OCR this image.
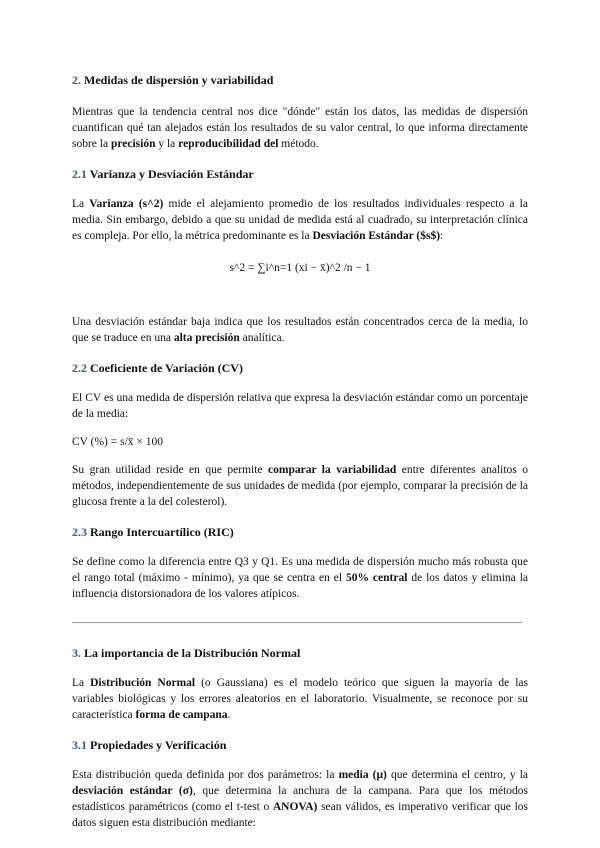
2. Medidas de dispersión y variabilidad

Mientras que la tendencia central nos dice "dónde" están los datos, las medidas de dispersión cuantifican qué tan alejados están los resultados de su valor central, lo que informa directamente sobre la precisión y la reproducibilidad del método.

2.1 Varianza y Desviación Estándar

La Varianza (s^2) mide el alejamiento promedio de los resultados individuales respecto a la media. Sin embargo, debido a que su unidad de medida está al cuadrado, su interpretación clínica es compleja. Por ello, la métrica predominante es la Desviación Estándar ($s$):

s^2 = ∑i^n=1 (xi − x̄)^2 /n − 1

Una desviación estándar baja indica que los resultados están concentrados cerca de la media, lo que se traduce en una alta precisión analítica.

2.2 Coeficiente de Variación (CV)

El CV es una medida de dispersión relativa que expresa la desviación estándar como un porcentaje de la media:

CV (%) = s/x̄ × 100

Su gran utilidad reside en que permite comparar la variabilidad entre diferentes analitos o métodos, independientemente de sus unidades de medida (por ejemplo, comparar la precisión de la glucosa frente a la del colesterol).

2.3 Rango Intercuartílico (RIC)

Se define como la diferencia entre Q3 y Q1. Es una medida de dispersión mucho más robusta que el rango total (máximo - mínimo), ya que se centra en el 50% central de los datos y elimina la influencia distorsionadora de los valores atípicos.

3. La importancia de la Distribución Normal

La Distribución Normal (o Gaussiana) es el modelo teórico que siguen la mayoría de las variables biológicas y los errores aleatorios en el laboratorio. Visualmente, se reconoce por su característica forma de campana.

3.1 Propiedades y Verificación

Esta distribución queda definida por dos parámetros: la media (μ) que determina el centro, y la desviación estándar (σ), que determina la anchura de la campana. Para que los métodos estadísticos paramétricos (como el t-test o ANOVA) sean válidos, es imperativo verificar que los datos siguen esta distribución mediante:
